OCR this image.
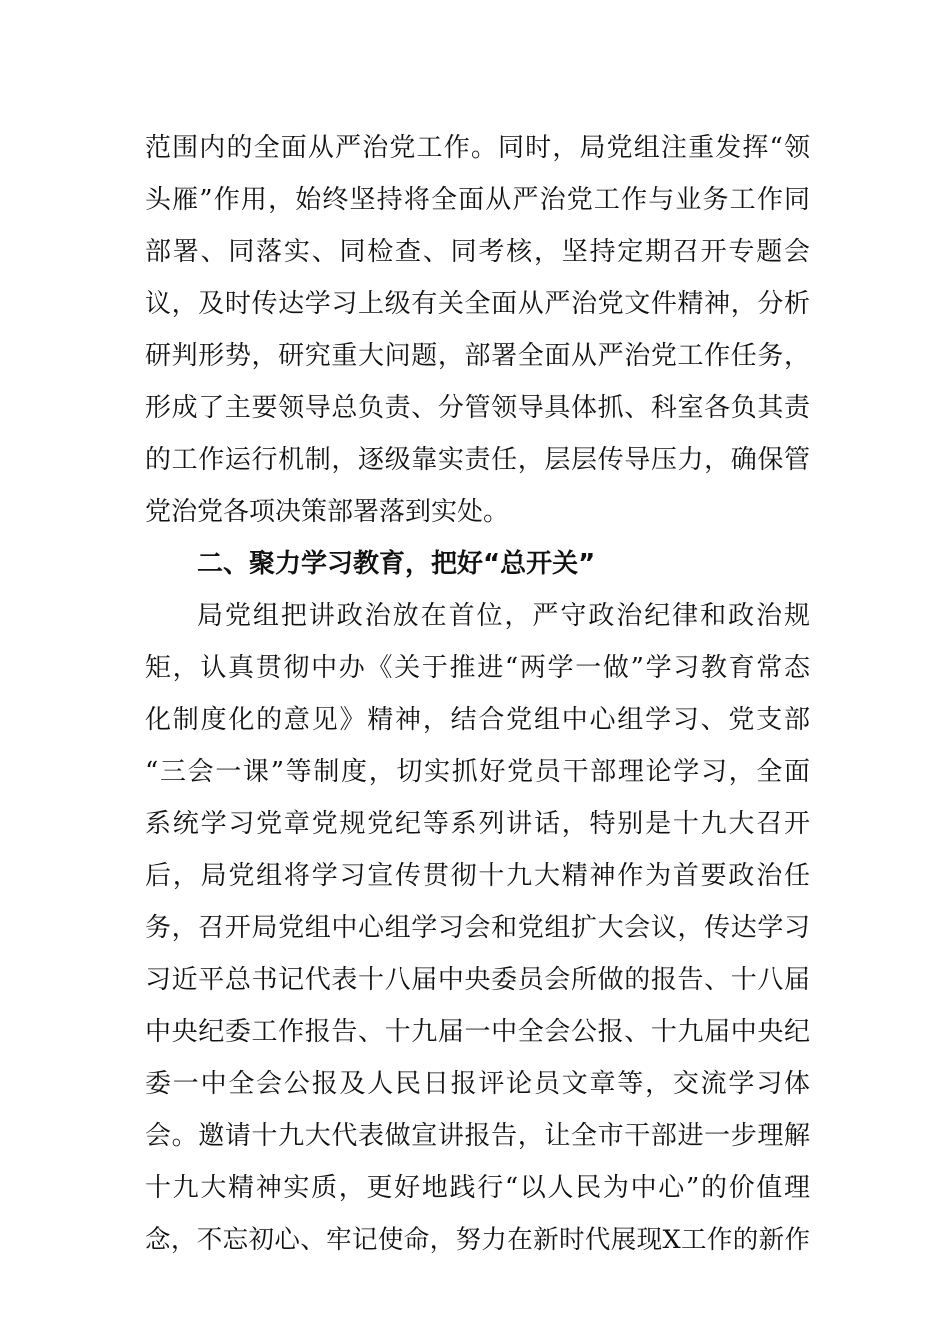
范围内的全面从严治党工作。同时，局党组注重发挥“领
头雁”作用，始终坚持将全面从严治党工作与业务工作同
部署、同落实、同检查、同考核，坚持定期召开专题会
议，及时传达学习上级有关全面从严治党文件精神，分析
研判形势，研究重大问题，部署全面从严治党工作任务，
形成了主要领导总负责、分管领导具体抓、科室各负其责
的工作运行机制，逐级靠实责任，层层传导压力，确保管
党治党各项决策部署落到实处。
二、聚力学习教育，把好“总开关”
局党组把讲政治放在首位，严守政治纪律和政治规
矩，认真贯彻中办《关于推进“两学一做”学习教育常态
化制度化的意见》精神，结合党组中心组学习、党支部
“三会一课”等制度，切实抓好党员干部理论学习，全面
系统学习党章党规党纪等系列讲话，特别是十九大召开
后，局党组将学习宣传贯彻十九大精神作为首要政治任
务，召开局党组中心组学习会和党组扩大会议，传达学习
习近平总书记代表十八届中央委员会所做的报告、十八届
中央纪委工作报告、十九届一中全会公报、十九届中央纪
委一中全会公报及人民日报评论员文章等，交流学习体
会。邀请十九大代表做宣讲报告，让全市干部进一步理解
十九大精神实质，更好地践行“以人民为中心”的价值理
念，不忘初心、牢记使命，努力在新时代展现X工作的新作
